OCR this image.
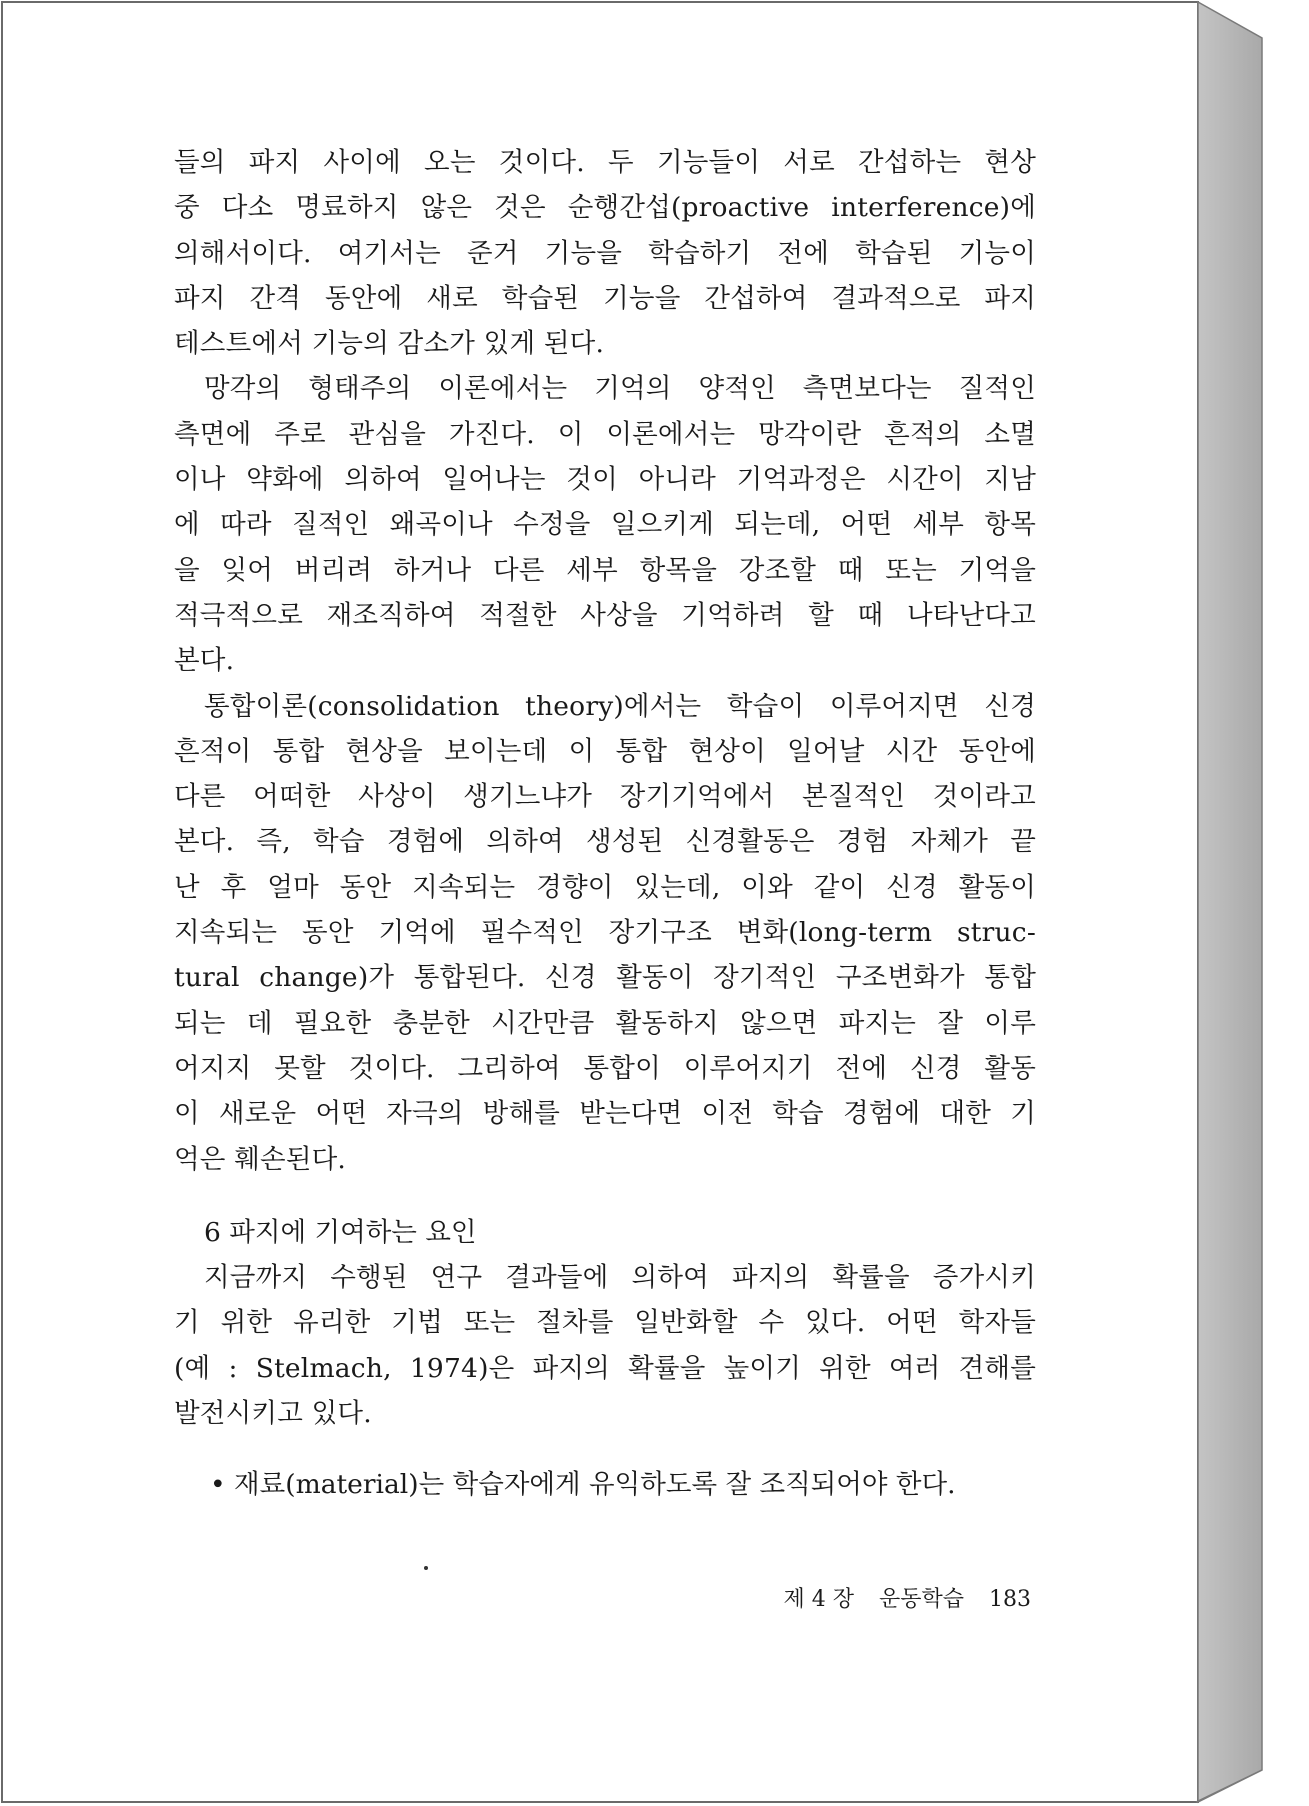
들의 파지 사이에 오는 것이다. 두 기능들이 서로 간섭하는 현상
중 다소 명료하지 않은 것은 순행간섭(proactive interference)에
의해서이다. 여기서는 준거 기능을 학습하기 전에 학습된 기능이
파지 간격 동안에 새로 학습된 기능을 간섭하여 결과적으로 파지
테스트에서 기능의 감소가 있게 된다.
망각의 형태주의 이론에서는 기억의 양적인 측면보다는 질적인
측면에 주로 관심을 가진다. 이 이론에서는 망각이란 흔적의 소멸
이나 약화에 의하여 일어나는 것이 아니라 기억과정은 시간이 지남
에 따라 질적인 왜곡이나 수정을 일으키게 되는데, 어떤 세부 항목
을 잊어 버리려 하거나 다른 세부 항목을 강조할 때 또는 기억을
적극적으로 재조직하여 적절한 사상을 기억하려 할 때 나타난다고
본다.
통합이론(consolidation theory)에서는 학습이 이루어지면 신경
흔적이 통합 현상을 보이는데 이 통합 현상이 일어날 시간 동안에
다른 어떠한 사상이 생기느냐가 장기기억에서 본질적인 것이라고
본다. 즉, 학습 경험에 의하여 생성된 신경활동은 경험 자체가 끝
난 후 얼마 동안 지속되는 경향이 있는데, 이와 같이 신경 활동이
지속되는 동안 기억에 필수적인 장기구조 변화(long-term struc-
tural change)가 통합된다. 신경 활동이 장기적인 구조변화가 통합
되는 데 필요한 충분한 시간만큼 활동하지 않으면 파지는 잘 이루
어지지 못할 것이다. 그리하여 통합이 이루어지기 전에 신경 활동
이 새로운 어떤 자극의 방해를 받는다면 이전 학습 경험에 대한 기
억은 훼손된다.
6 파지에 기여하는 요인
지금까지 수행된 연구 결과들에 의하여 파지의 확률을 증가시키
기 위한 유리한 기법 또는 절차를 일반화할 수 있다. 어떤 학자들
(예 : Stelmach, 1974)은 파지의 확률을 높이기 위한 여러 견해를
발전시키고 있다.
• 재료(material)는 학습자에게 유익하도록 잘 조직되어야 한다.
제 4 장 운동학습 183
